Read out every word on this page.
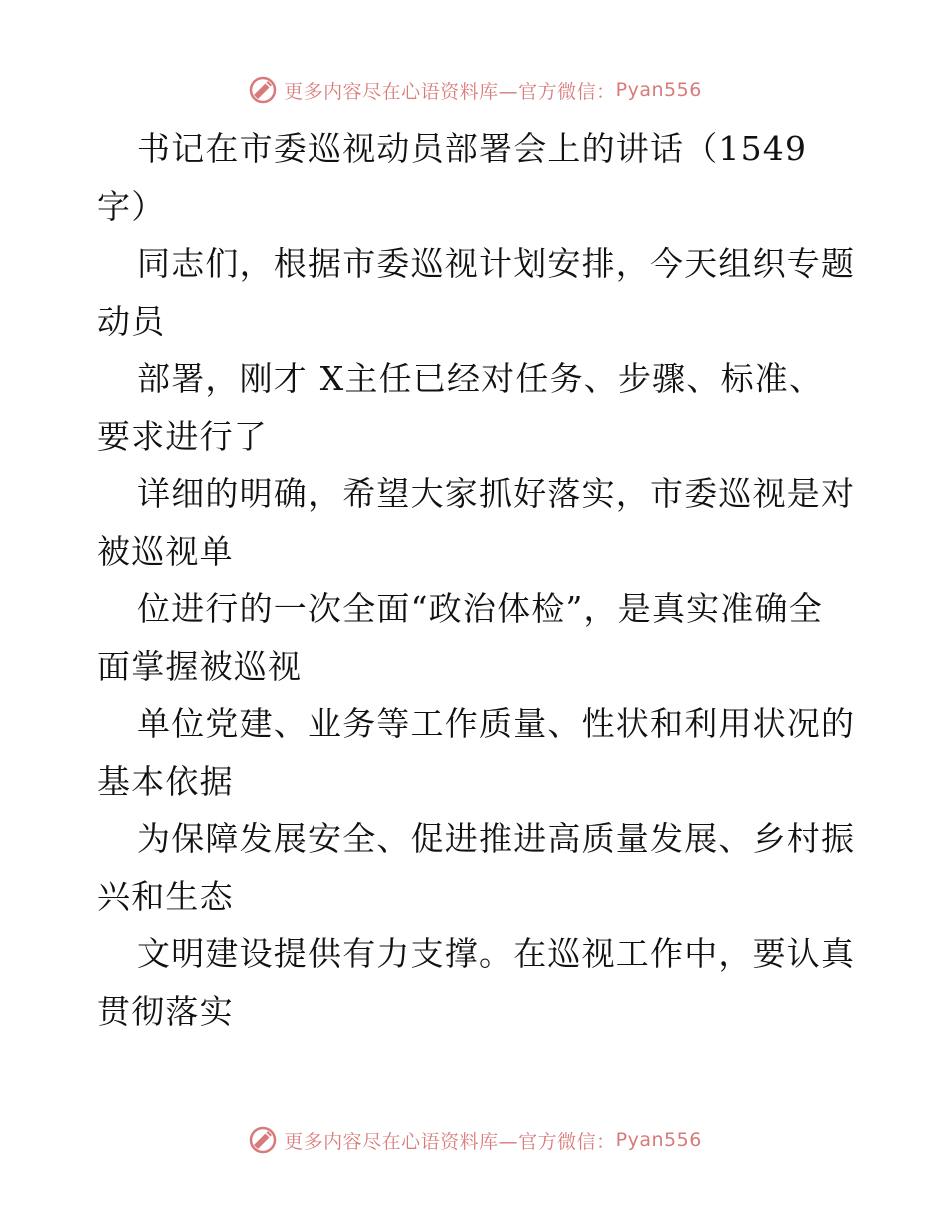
更多内容尽在心语资料库—官方微信： Pyan556
书记在市委巡视动员部署会上的讲话（1549
字）
同志们，根据市委巡视计划安排，今天组织专题
动员
部署，刚才 X主任已经对任务、步骤、标准、
要求进行了
详细的明确，希望大家抓好落实，市委巡视是对
被巡视单
位进行的一次全面“政治体检”，是真实准确全
面掌握被巡视
单位党建、业务等工作质量、性状和利用状况的
基本依据
为保障发展安全、促进推进高质量发展、乡村振
兴和生态
文明建设提供有力支撑。在巡视工作中，要认真
贯彻落实
更多内容尽在心语资料库—官方微信： Pyan556
